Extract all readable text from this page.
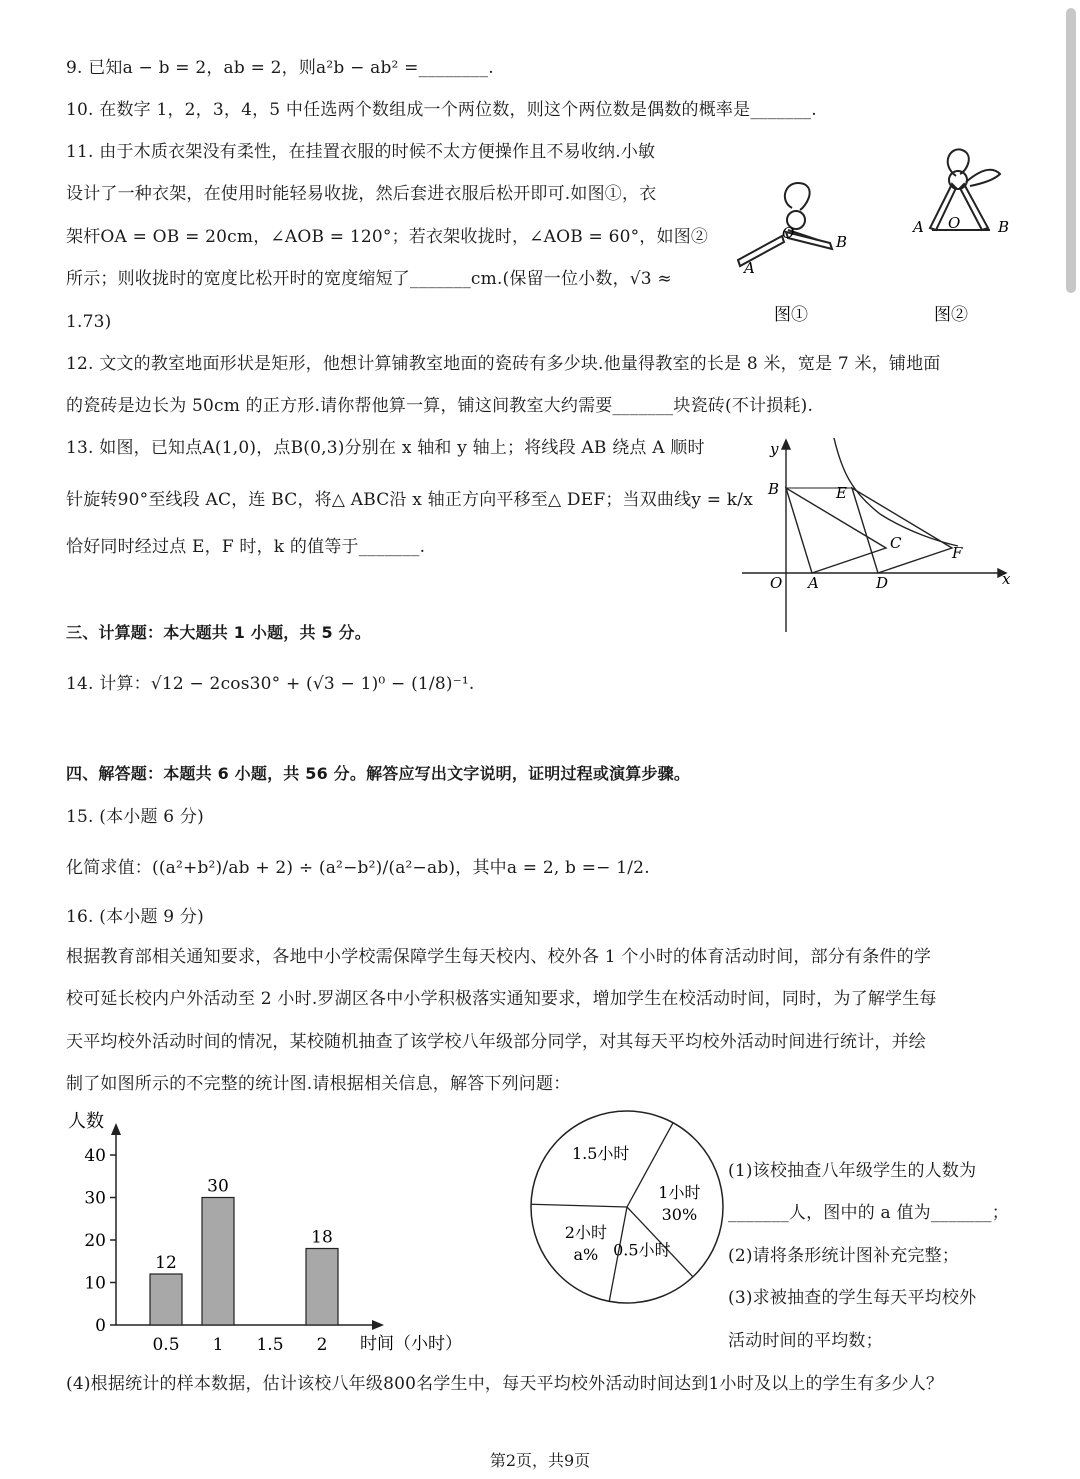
9. 已知a − b = 2，ab = 2，则a²b − ab² =________.
10. 在数字 1，2，3，4，5 中任选两个数组成一个两位数，则这个两位数是偶数的概率是_______.
11. 由于木质衣架没有柔性，在挂置衣服的时候不太方便操作且不易收纳.小敏
设计了一种衣架，在使用时能轻易收拢，然后套进衣服后松开即可.如图①，衣
架杆OA = OB = 20cm，∠AOB = 120°；若衣架收拢时，∠AOB = 60°，如图②
所示；则收拢时的宽度比松开时的宽度缩短了_______cm.(保留一位小数，√3 ≈
1.73)
A
O	B
图①
A O	B
图②
12. 文文的教室地面形状是矩形，他想计算铺教室地面的瓷砖有多少块.他量得教室的长是 8 米，宽是 7 米，铺地面
的瓷砖是边长为 50cm 的正方形.请你帮他算一算，铺这间教室大约需要_______块瓷砖(不计损耗).
13. 如图，已知点A(1,0)，点B(0,3)分别在 x 轴和 y 轴上；将线段 AB 绕点 A 顺时
针旋转90°至线段 AC，连 BC，将△ ABC沿 x 轴正方向平移至△ DEF；当双曲线y = k/x
恰好同时经过点 E，F 时，k 的值等于_______.
y
x
O A
B
C
D
E
F
三、计算题：本大题共 1 小题，共 5 分。
14. 计算：√12 − 2cos30° + (√3 − 1)⁰ − (1/8)⁻¹.
四、解答题：本题共 6 小题，共 56 分。解答应写出文字说明，证明过程或演算步骤。
15. (本小题 6 分)
化简求值：((a²+b²)/ab + 2) ÷ (a²−b²)/(a²−ab)，其中a = 2, b =− 1/2.
16. (本小题 9 分)
根据教育部相关通知要求，各地中小学校需保障学生每天校内、校外各 1 个小时的体育活动时间，部分有条件的学
校可延长校内户外活动至 2 小时.罗湖区各中小学积极落实通知要求，增加学生在校活动时间，同时，为了解学生每
天平均校外活动时间的情况，某校随机抽查了该学校八年级部分同学，对其每天平均校外活动时间进行统计，并绘
制了如图所示的不完整的统计图.请根据相关信息，解答下列问题：
人数
时间（小时）
0
10
20
30
40
0.5
12
1
30
1.5 2
18
1小时
30%
0.5小时
2小时
a%
1.5小时
(1)该校抽查八年级学生的人数为
_______人，图中的 a 值为_______；
(2)请将条形统计图补充完整；
(3)求被抽查的学生每天平均校外
活动时间的平均数；
(4)根据统计的样本数据，估计该校八年级800名学生中，每天平均校外活动时间达到1小时及以上的学生有多少人？
第2页，共9页
